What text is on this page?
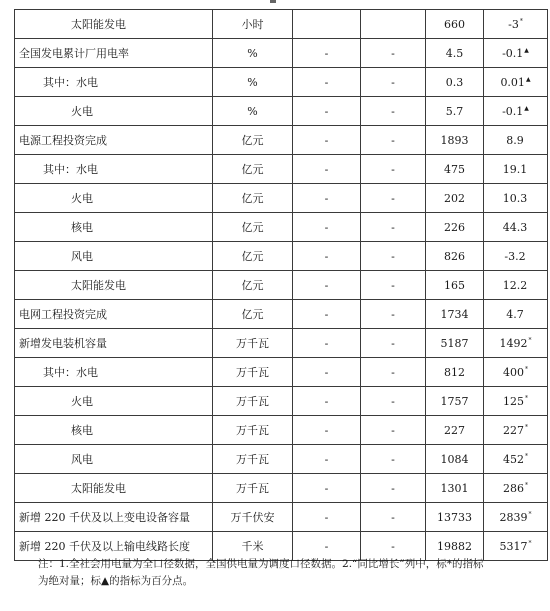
太阳能发电	小时			660	-3*
全国发电累计厂用电率	%	-	-	4.5	-0.1▲
其中：水电	%	-	-	0.3	0.01▲
火电	%	-	-	5.7	-0.1▲
电源工程投资完成	亿元	-	-	1893	8.9
其中：水电	亿元	-	-	475	19.1
火电	亿元	-	-	202	10.3
核电	亿元	-	-	226	44.3
风电	亿元	-	-	826	-3.2
太阳能发电	亿元	-	-	165	12.2
电网工程投资完成	亿元	-	-	1734	4.7
新增发电装机容量	万千瓦	-	-	5187	1492*
其中：水电	万千瓦	-	-	812	400*
火电	万千瓦	-	-	1757	125*
核电	万千瓦	-	-	227	227*
风电	万千瓦	-	-	1084	452*
太阳能发电	万千瓦	-	-	1301	286*
新增 220 千伏及以上变电设备容量	万千伏安	-	-	13733	2839*
新增 220 千伏及以上输电线路长度	千米	-	-	19882	5317*
注：1.全社会用电量为全口径数据，全国供电量为调度口径数据。2.“同比增长”列中，标*的指标
为绝对量；标▲的指标为百分点。
